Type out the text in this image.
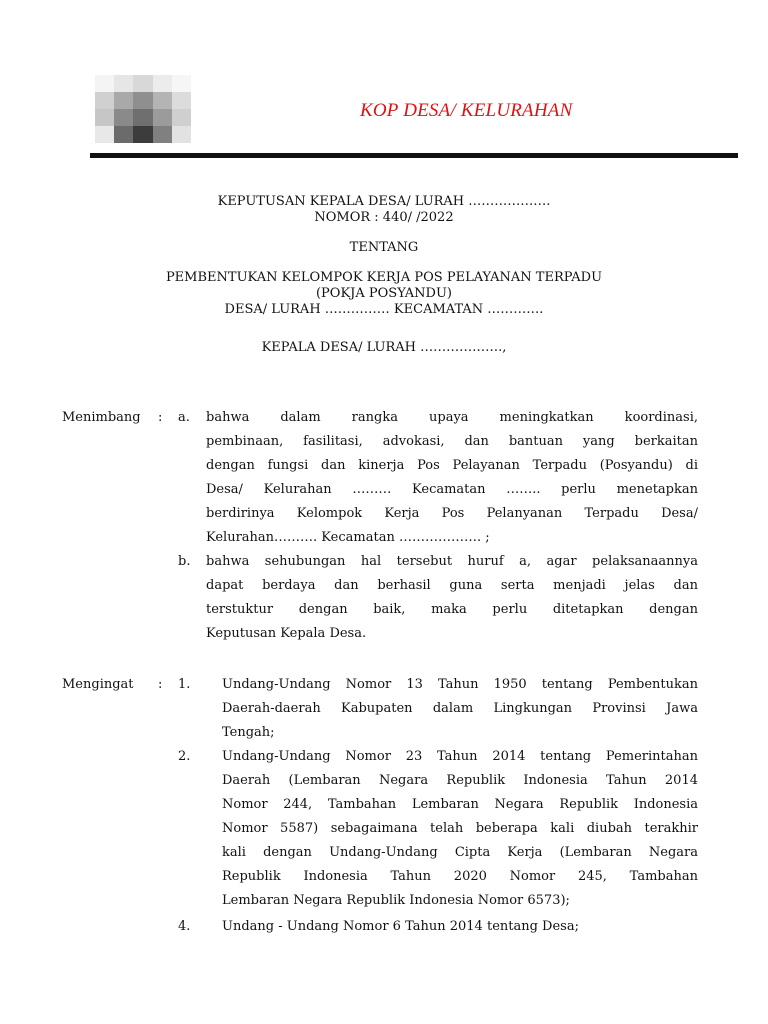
KOP DESA/ KELURAHAN
KEPUTUSAN KEPALA DESA/ LURAH ……………….
NOMOR : 440/ /2022
TENTANG
PEMBENTUKAN KELOMPOK KERJA POS PELAYANAN TERPADU
(POKJA POSYANDU)
DESA/ LURAH …………… KECAMATAN ………….
KEPALA DESA/ LURAH ……………….,
Menimbang : a. bahwa dalam rangka upaya meningkatkan koordinasi,
pembinaan, fasilitasi, advokasi, dan bantuan yang berkaitan
dengan fungsi dan kinerja Pos Pelayanan Terpadu (Posyandu) di
Desa/ Kelurahan ……… Kecamatan …….. perlu menetapkan
berdirinya Kelompok Kerja Pos Pelanyanan Terpadu Desa/
Kelurahan………. Kecamatan ………………. ;
b. bahwa sehubungan hal tersebut huruf a, agar pelaksanaannya
dapat berdaya dan berhasil guna serta menjadi jelas dan
terstuktur dengan baik, maka perlu ditetapkan dengan
Keputusan Kepala Desa.
Mengingat : 1. Undang-Undang Nomor 13 Tahun 1950 tentang Pembentukan
Daerah-daerah Kabupaten dalam Lingkungan Provinsi Jawa
Tengah;
2. Undang-Undang Nomor 23 Tahun 2014 tentang Pemerintahan
Daerah (Lembaran Negara Republik Indonesia Tahun 2014
Nomor 244, Tambahan Lembaran Negara Republik Indonesia
Nomor 5587) sebagaimana telah beberapa kali diubah terakhir
kali dengan Undang-Undang Cipta Kerja (Lembaran Negara
Republik Indonesia Tahun 2020 Nomor 245, Tambahan
Lembaran Negara Republik Indonesia Nomor 6573);
4. Undang - Undang Nomor 6 Tahun 2014 tentang Desa;
